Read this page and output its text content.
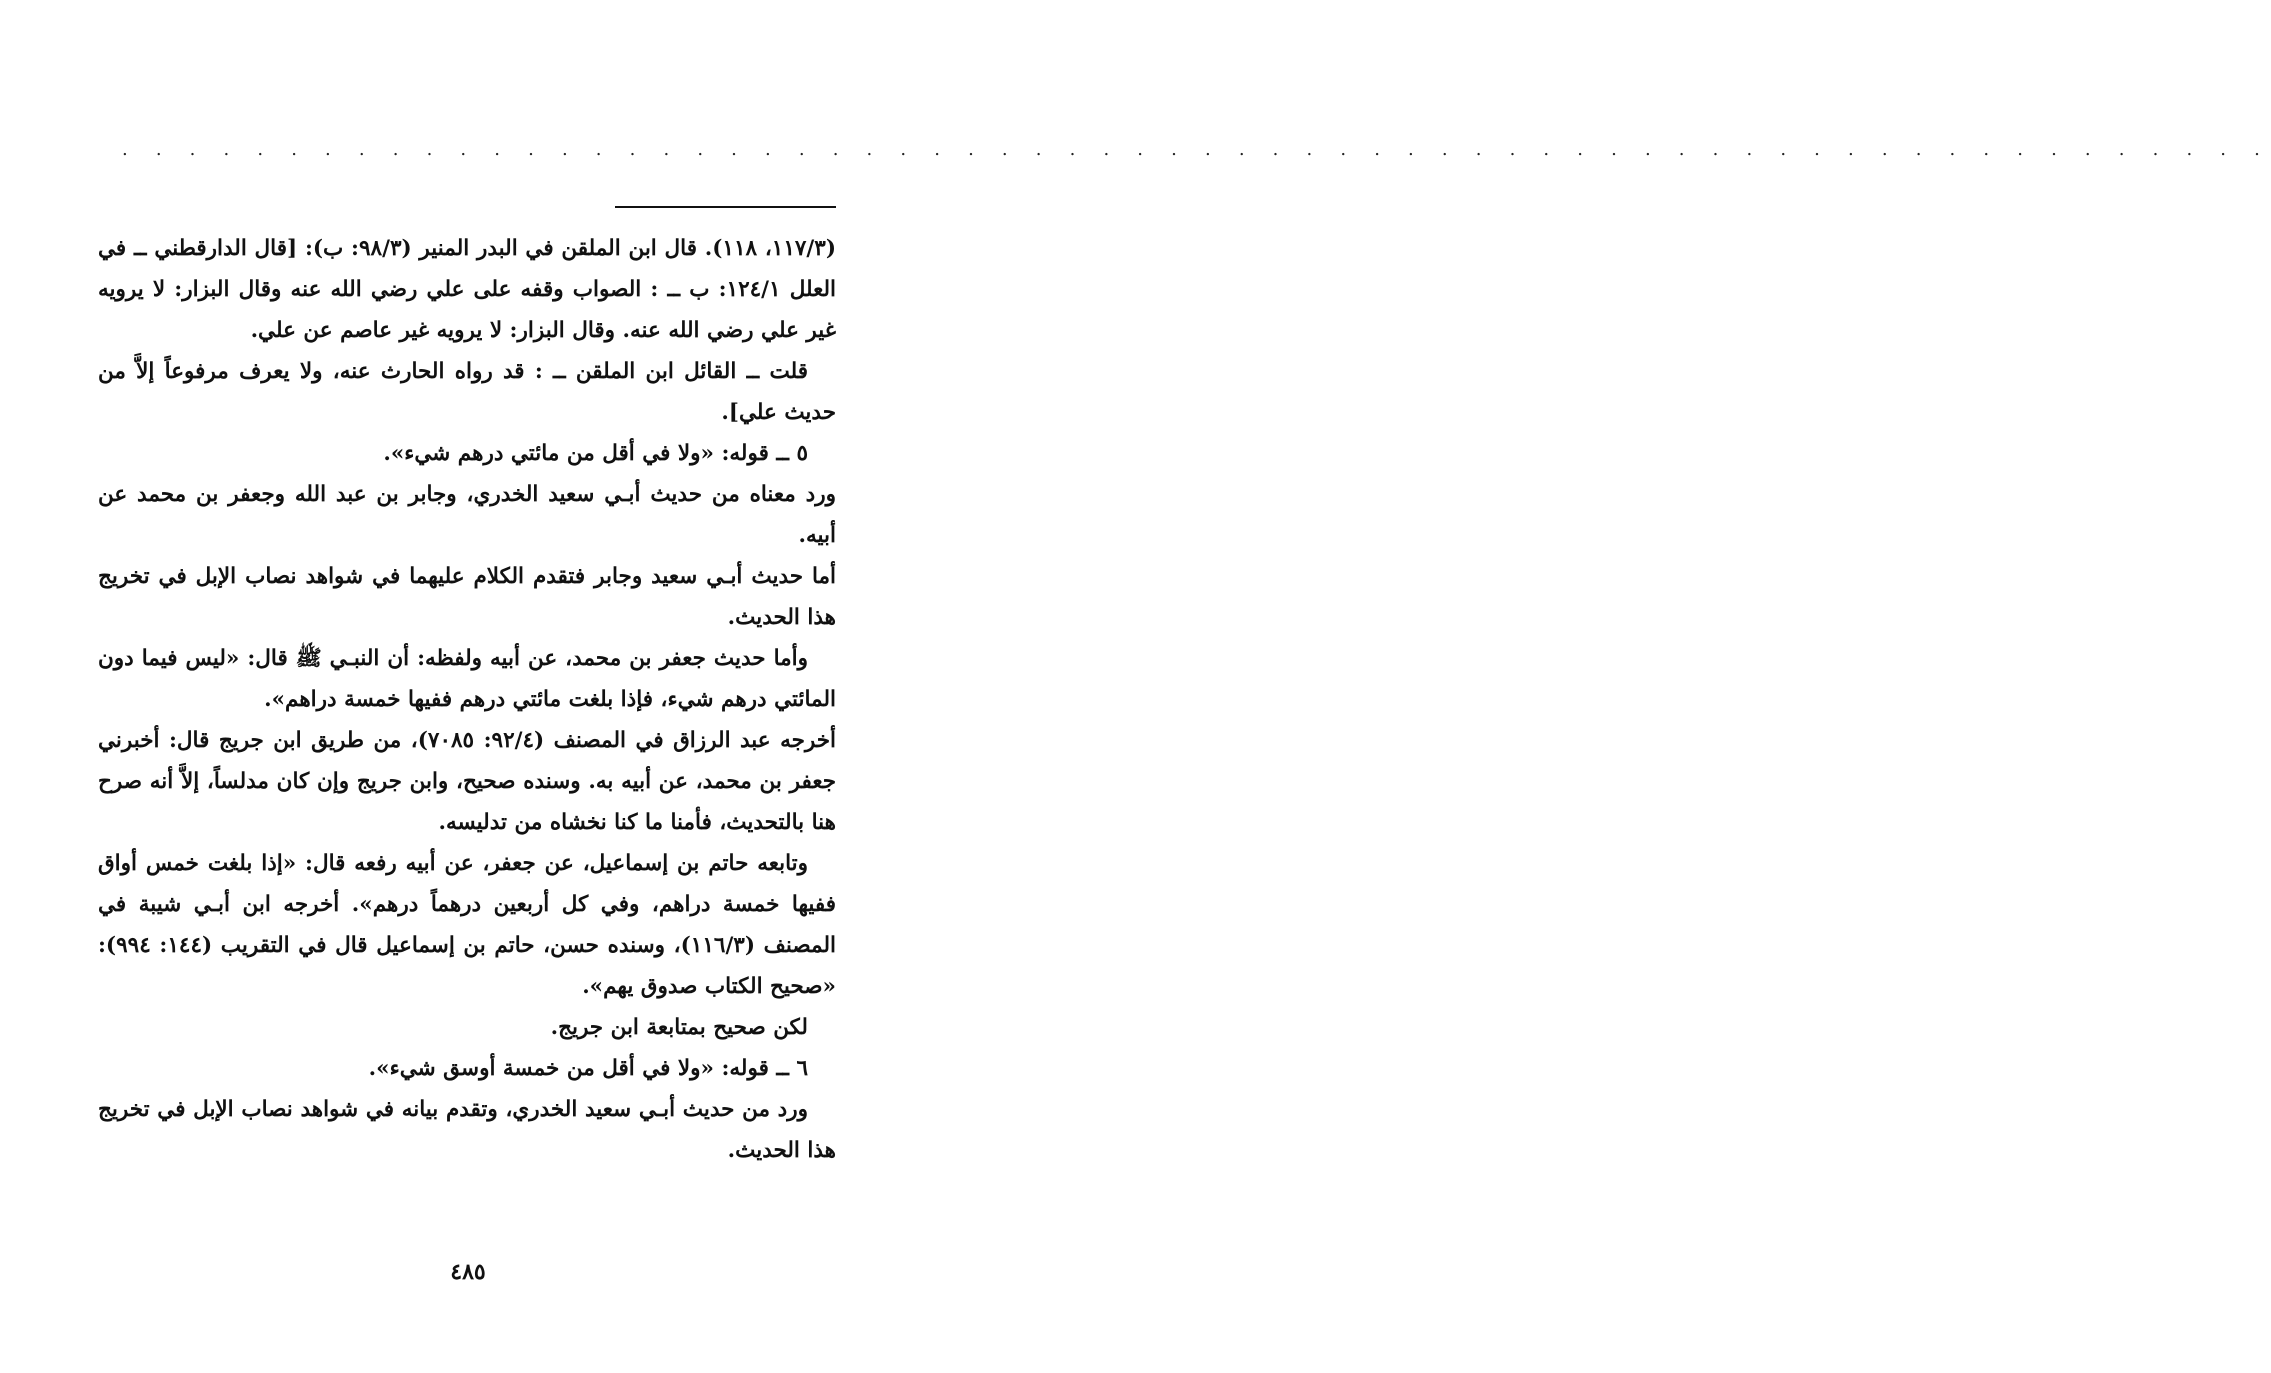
. . . . . . . . . . . . . . . . . . . . . . . . . . . . . . . . . . . . . . . . . . . . . . . . . . . . . . . . . . . . . . . .

(١١٧/٣، ١١٨). قال ابن الملقن في البدر المنير (٩٨/٣: ب): [قال الدارقطني ــ في العلل ١٢٤/١: ب ــ : الصواب وقفه على علي رضي الله عنه وقال البزار: لا يرويه غير علي رضي الله عنه. وقال البزار: لا يرويه غير عاصم عن علي.

قلت ــ القائل ابن الملقن ــ : قد رواه الحارث عنه، ولا يعرف مرفوعاً إلاَّ من حديث علي].

٥ ــ قوله: «ولا في أقل من مائتي درهم شيء».

ورد معناه من حديث أبـي سعيد الخدري، وجابر بن عبد الله وجعفر بن محمد عن أبيه.

أما حديث أبـي سعيد وجابر فتقدم الكلام عليهما في شواهد نصاب الإبل في تخريج هذا الحديث.

وأما حديث جعفر بن محمد، عن أبيه ولفظه: أن النبـي ﷺ قال: «ليس فيما دون المائتي درهم شيء، فإذا بلغت مائتي درهم ففيها خمسة دراهم».

أخرجه عبد الرزاق في المصنف (٩٢/٤: ٧٠٨٥)، من طريق ابن جريج قال: أخبرني جعفر بن محمد، عن أبيه به. وسنده صحيح، وابن جريج وإن كان مدلساً، إلاَّ أنه صرح هنا بالتحديث، فأمنا ما كنا نخشاه من تدليسه.

وتابعه حاتم بن إسماعيل، عن جعفر، عن أبيه رفعه قال: «إذا بلغت خمس أواق ففيها خمسة دراهم، وفي كل أربعين درهماً درهم». أخرجه ابن أبـي شيبة في المصنف (١١٦/٣)، وسنده حسن، حاتم بن إسماعيل قال في التقريب (١٤٤: ٩٩٤): «صحيح الكتاب صدوق يهم».

لكن صحيح بمتابعة ابن جريج.

٦ ــ قوله: «ولا في أقل من خمسة أوسق شيء».

ورد من حديث أبـي سعيد الخدري، وتقدم بيانه في شواهد نصاب الإبل في تخريج هذا الحديث.

٤٨٥
